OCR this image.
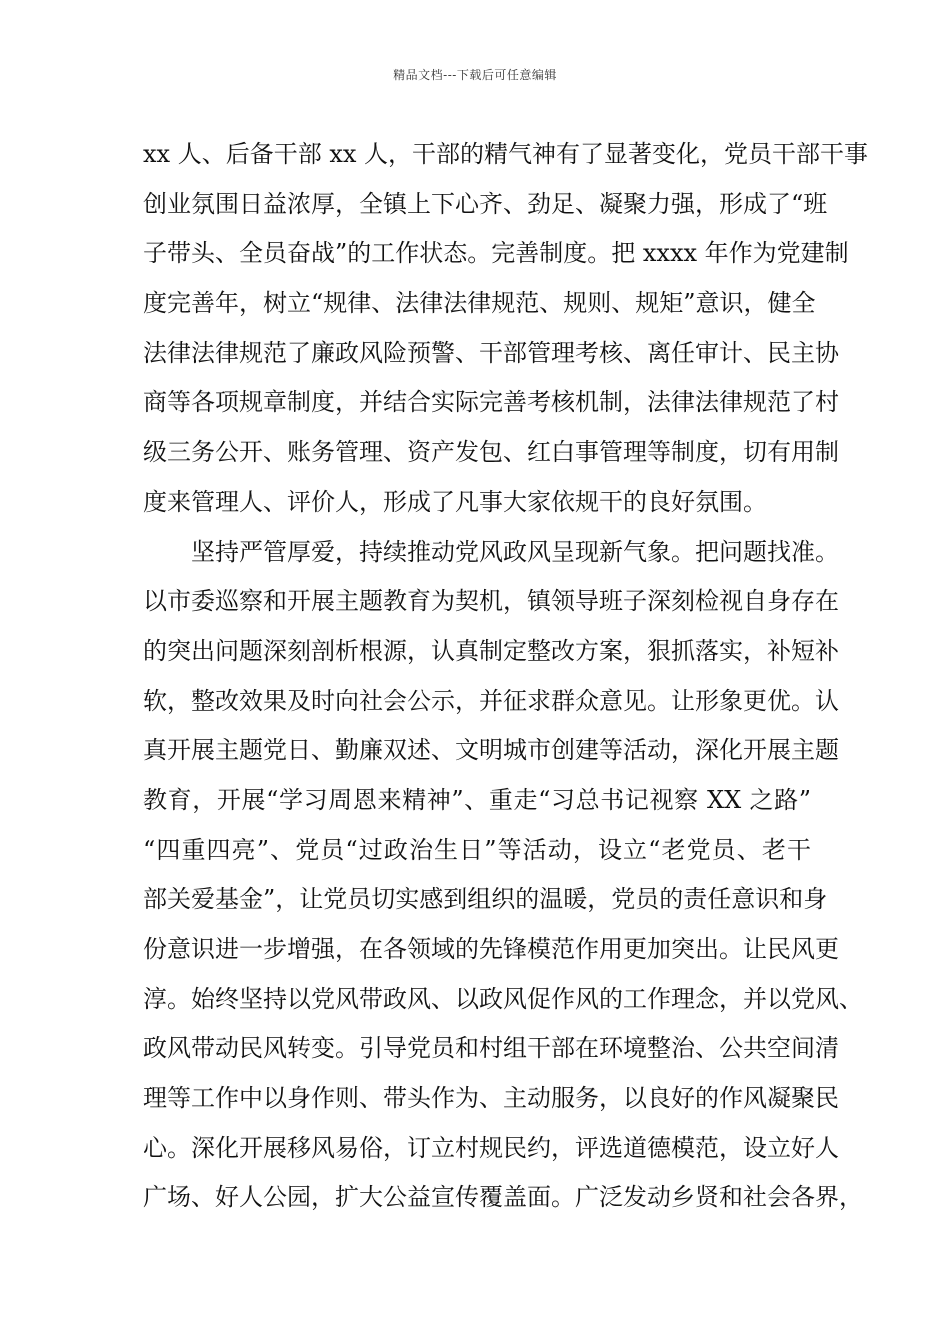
精品文档---下载后可任意编辑
xx 人、后备干部 xx 人，干部的精气神有了显著变化，党员干部干事
创业氛围日益浓厚，全镇上下心齐、劲足、凝聚力强，形成了“班
子带头、全员奋战”的工作状态。完善制度。把 xxxx 年作为党建制
度完善年，树立“规律、法律法律规范、规则、规矩”意识，健全
法律法律规范了廉政风险预警、干部管理考核、离任审计、民主协
商等各项规章制度，并结合实际完善考核机制，法律法律规范了村
级三务公开、账务管理、资产发包、红白事管理等制度，切有用制
度来管理人、评价人，形成了凡事大家依规干的良好氛围。
坚持严管厚爱，持续推动党风政风呈现新气象。把问题找准。
以市委巡察和开展主题教育为契机，镇领导班子深刻检视自身存在
的突出问题深刻剖析根源，认真制定整改方案，狠抓落实，补短补
软，整改效果及时向社会公示，并征求群众意见。让形象更优。认
真开展主题党日、勤廉双述、文明城市创建等活动，深化开展主题
教育，开展“学习周恩来精神”、重走“习总书记视察 XX 之路”
“四重四亮”、党员“过政治生日”等活动，设立“老党员、老干
部关爱基金”，让党员切实感到组织的温暖，党员的责任意识和身
份意识进一步增强，在各领域的先锋模范作用更加突出。让民风更
淳。始终坚持以党风带政风、以政风促作风的工作理念，并以党风、
政风带动民风转变。引导党员和村组干部在环境整治、公共空间清
理等工作中以身作则、带头作为、主动服务，以良好的作风凝聚民
心。深化开展移风易俗，订立村规民约，评选道德模范，设立好人
广场、好人公园，扩大公益宣传覆盖面。广泛发动乡贤和社会各界，
